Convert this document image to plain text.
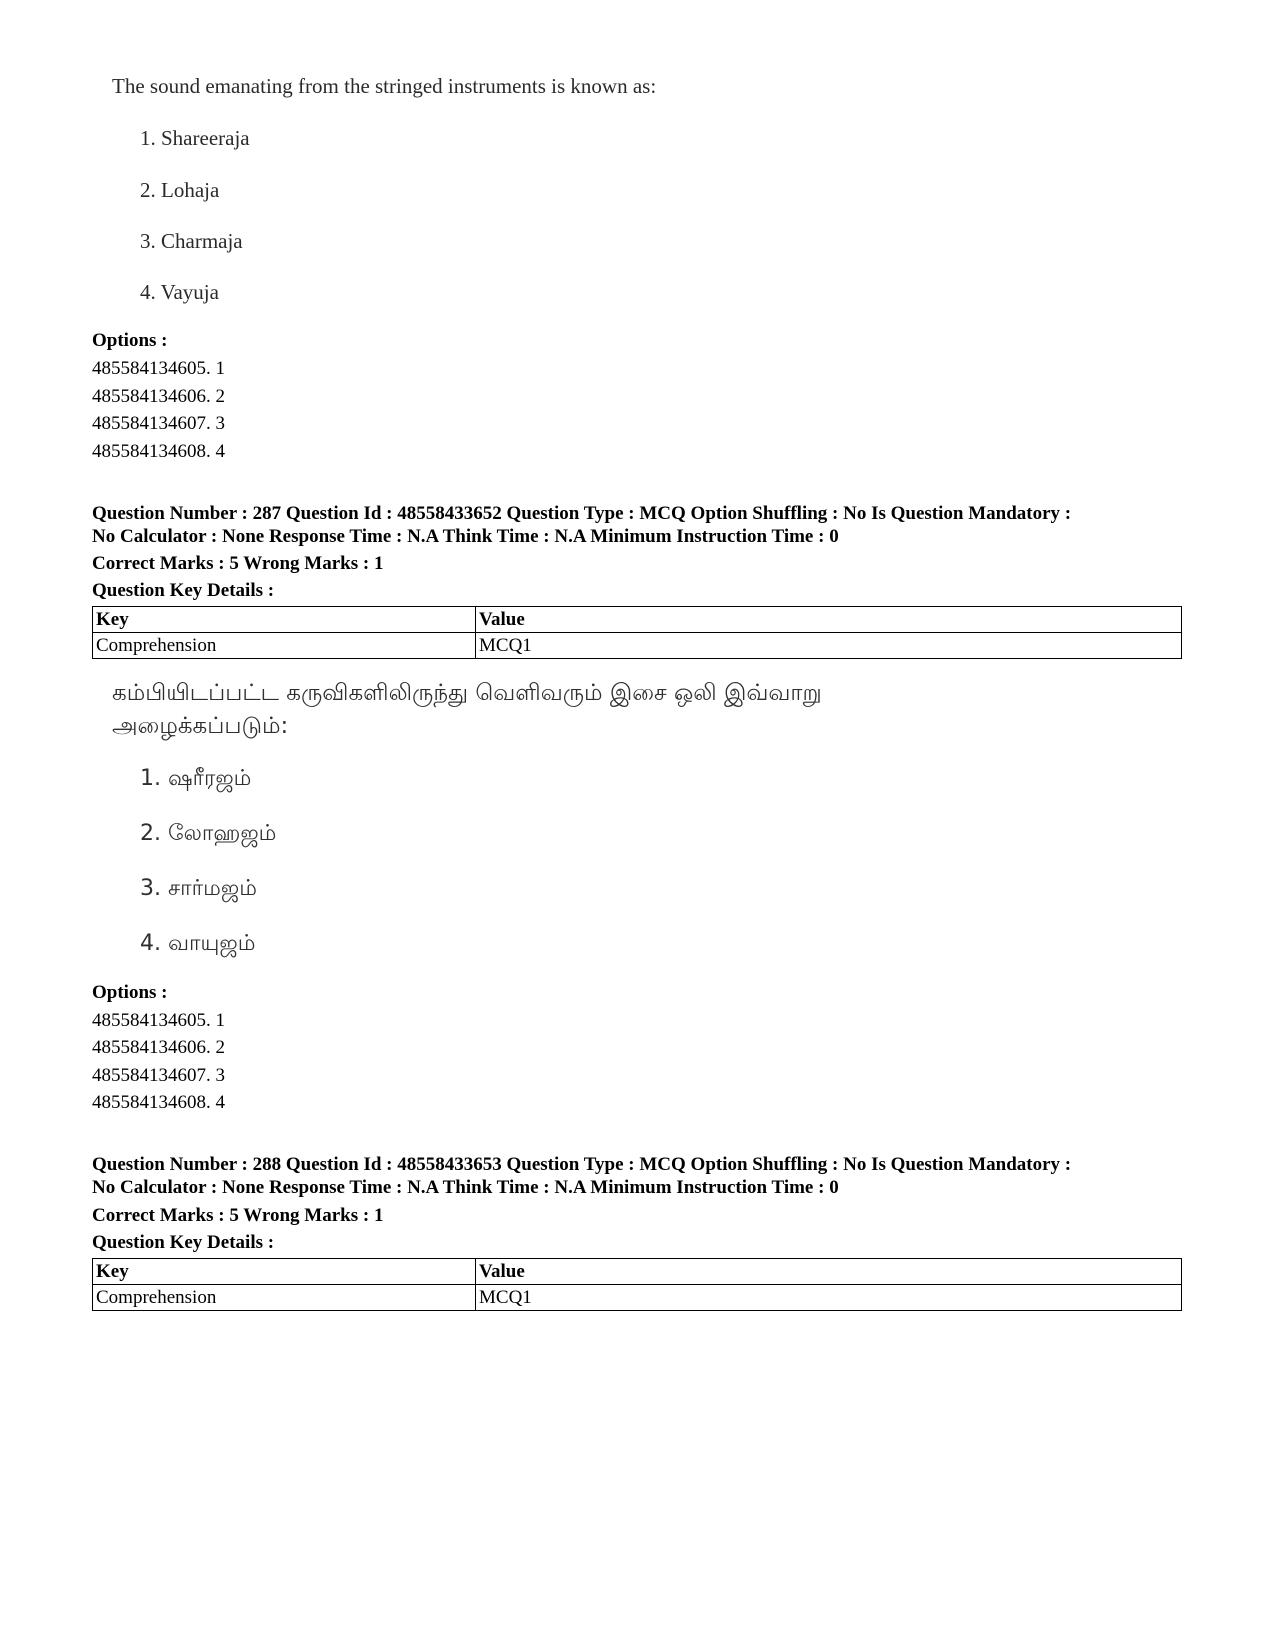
The sound emanating from the stringed instruments is known as:
1. Shareeraja
2. Lohaja
3. Charmaja
4. Vayuja
Options :
485584134605. 1
485584134606. 2
485584134607. 3
485584134608. 4
Question Number : 287 Question Id : 48558433652 Question Type : MCQ Option Shuffling : No Is Question Mandatory :
No Calculator : None Response Time : N.A Think Time : N.A Minimum Instruction Time : 0
Correct Marks : 5 Wrong Marks : 1
Question Key Details :
Key	Value
Comprehension	MCQ1
கம்பியிடப்பட்ட கருவிகளிலிருந்து வெளிவரும் இசை ஒலி இவ்வாறு
அழைக்கப்படும்:
1. ஷரீரஜம்
2. லோஹஜம்
3. சார்மஜம்
4. வாயுஜம்
Options :
485584134605. 1
485584134606. 2
485584134607. 3
485584134608. 4
Question Number : 288 Question Id : 48558433653 Question Type : MCQ Option Shuffling : No Is Question Mandatory :
No Calculator : None Response Time : N.A Think Time : N.A Minimum Instruction Time : 0
Correct Marks : 5 Wrong Marks : 1
Question Key Details :
Key	Value
Comprehension	MCQ1
